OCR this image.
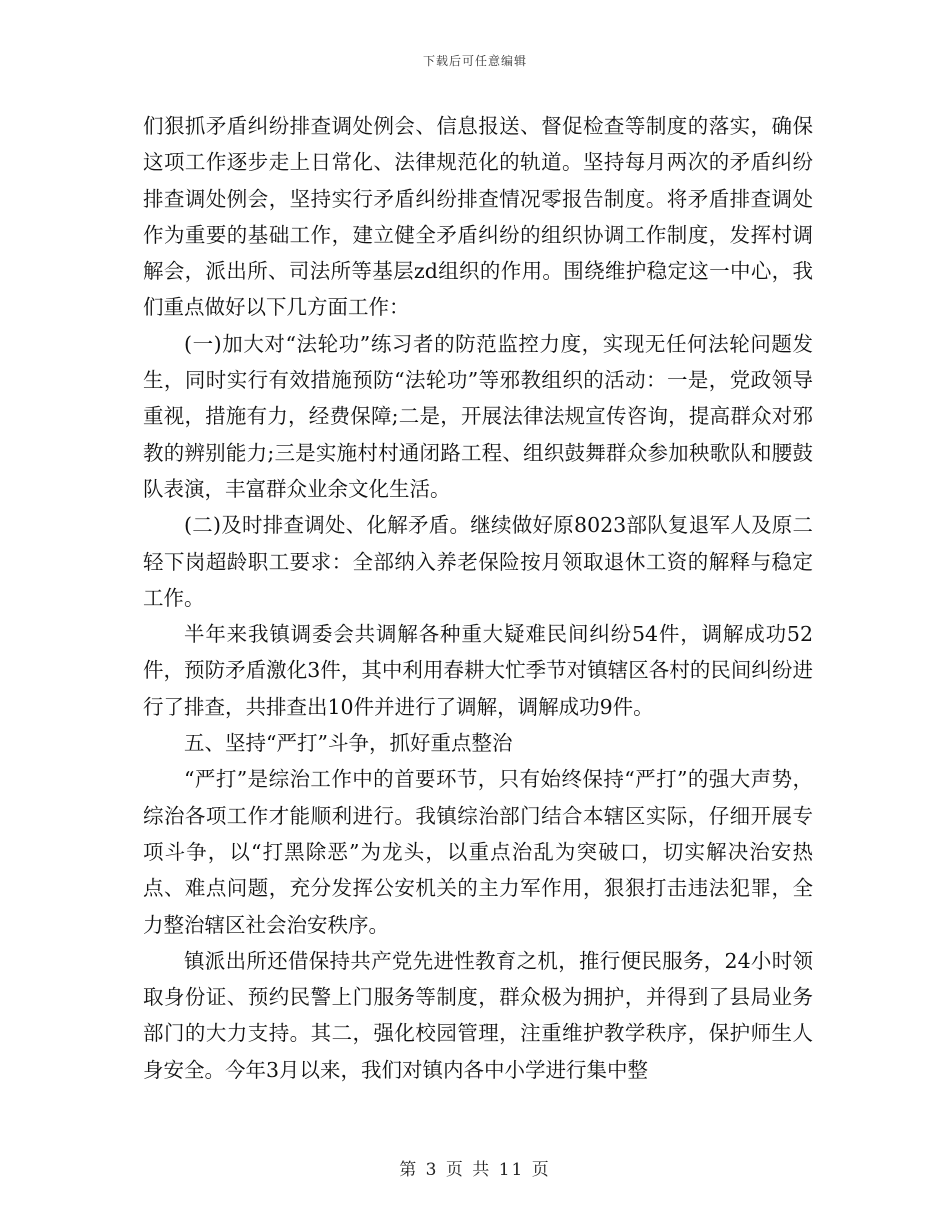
下载后可任意编辑

们狠抓矛盾纠纷排查调处例会、信息报送、督促检查等制度的落实，确保这项工作逐步走上日常化、法律规范化的轨道。坚持每月两次的矛盾纠纷排查调处例会，坚持实行矛盾纠纷排查情况零报告制度。将矛盾排查调处作为重要的基础工作，建立健全矛盾纠纷的组织协调工作制度，发挥村调解会，派出所、司法所等基层zd组织的作用。围绕维护稳定这一中心，我们重点做好以下几方面工作：

(一)加大对“法轮功”练习者的防范监控力度，实现无任何法轮问题发生，同时实行有效措施预防“法轮功”等邪教组织的活动：一是，党政领导重视，措施有力，经费保障;二是，开展法律法规宣传咨询，提高群众对邪教的辨别能力;三是实施村村通闭路工程、组织鼓舞群众参加秧歌队和腰鼓队表演，丰富群众业余文化生活。

(二)及时排查调处、化解矛盾。继续做好原8023部队复退军人及原二轻下岗超龄职工要求：全部纳入养老保险按月领取退休工资的解释与稳定工作。

半年来我镇调委会共调解各种重大疑难民间纠纷54件，调解成功52件，预防矛盾激化3件，其中利用春耕大忙季节对镇辖区各村的民间纠纷进行了排查，共排查出10件并进行了调解，调解成功9件。

五、坚持“严打”斗争，抓好重点整治

“严打”是综治工作中的首要环节，只有始终保持“严打”的强大声势，综治各项工作才能顺利进行。我镇综治部门结合本辖区实际，仔细开展专项斗争，以“打黑除恶”为龙头，以重点治乱为突破口，切实解决治安热点、难点问题，充分发挥公安机关的主力军作用，狠狠打击违法犯罪，全力整治辖区社会治安秩序。

镇派出所还借保持共产党先进性教育之机，推行便民服务，24小时领取身份证、预约民警上门服务等制度，群众极为拥护，并得到了县局业务部门的大力支持。其二，强化校园管理，注重维护教学秩序，保护师生人身安全。今年3月以来，我们对镇内各中小学进行集中整

第 3 页 共 11 页
